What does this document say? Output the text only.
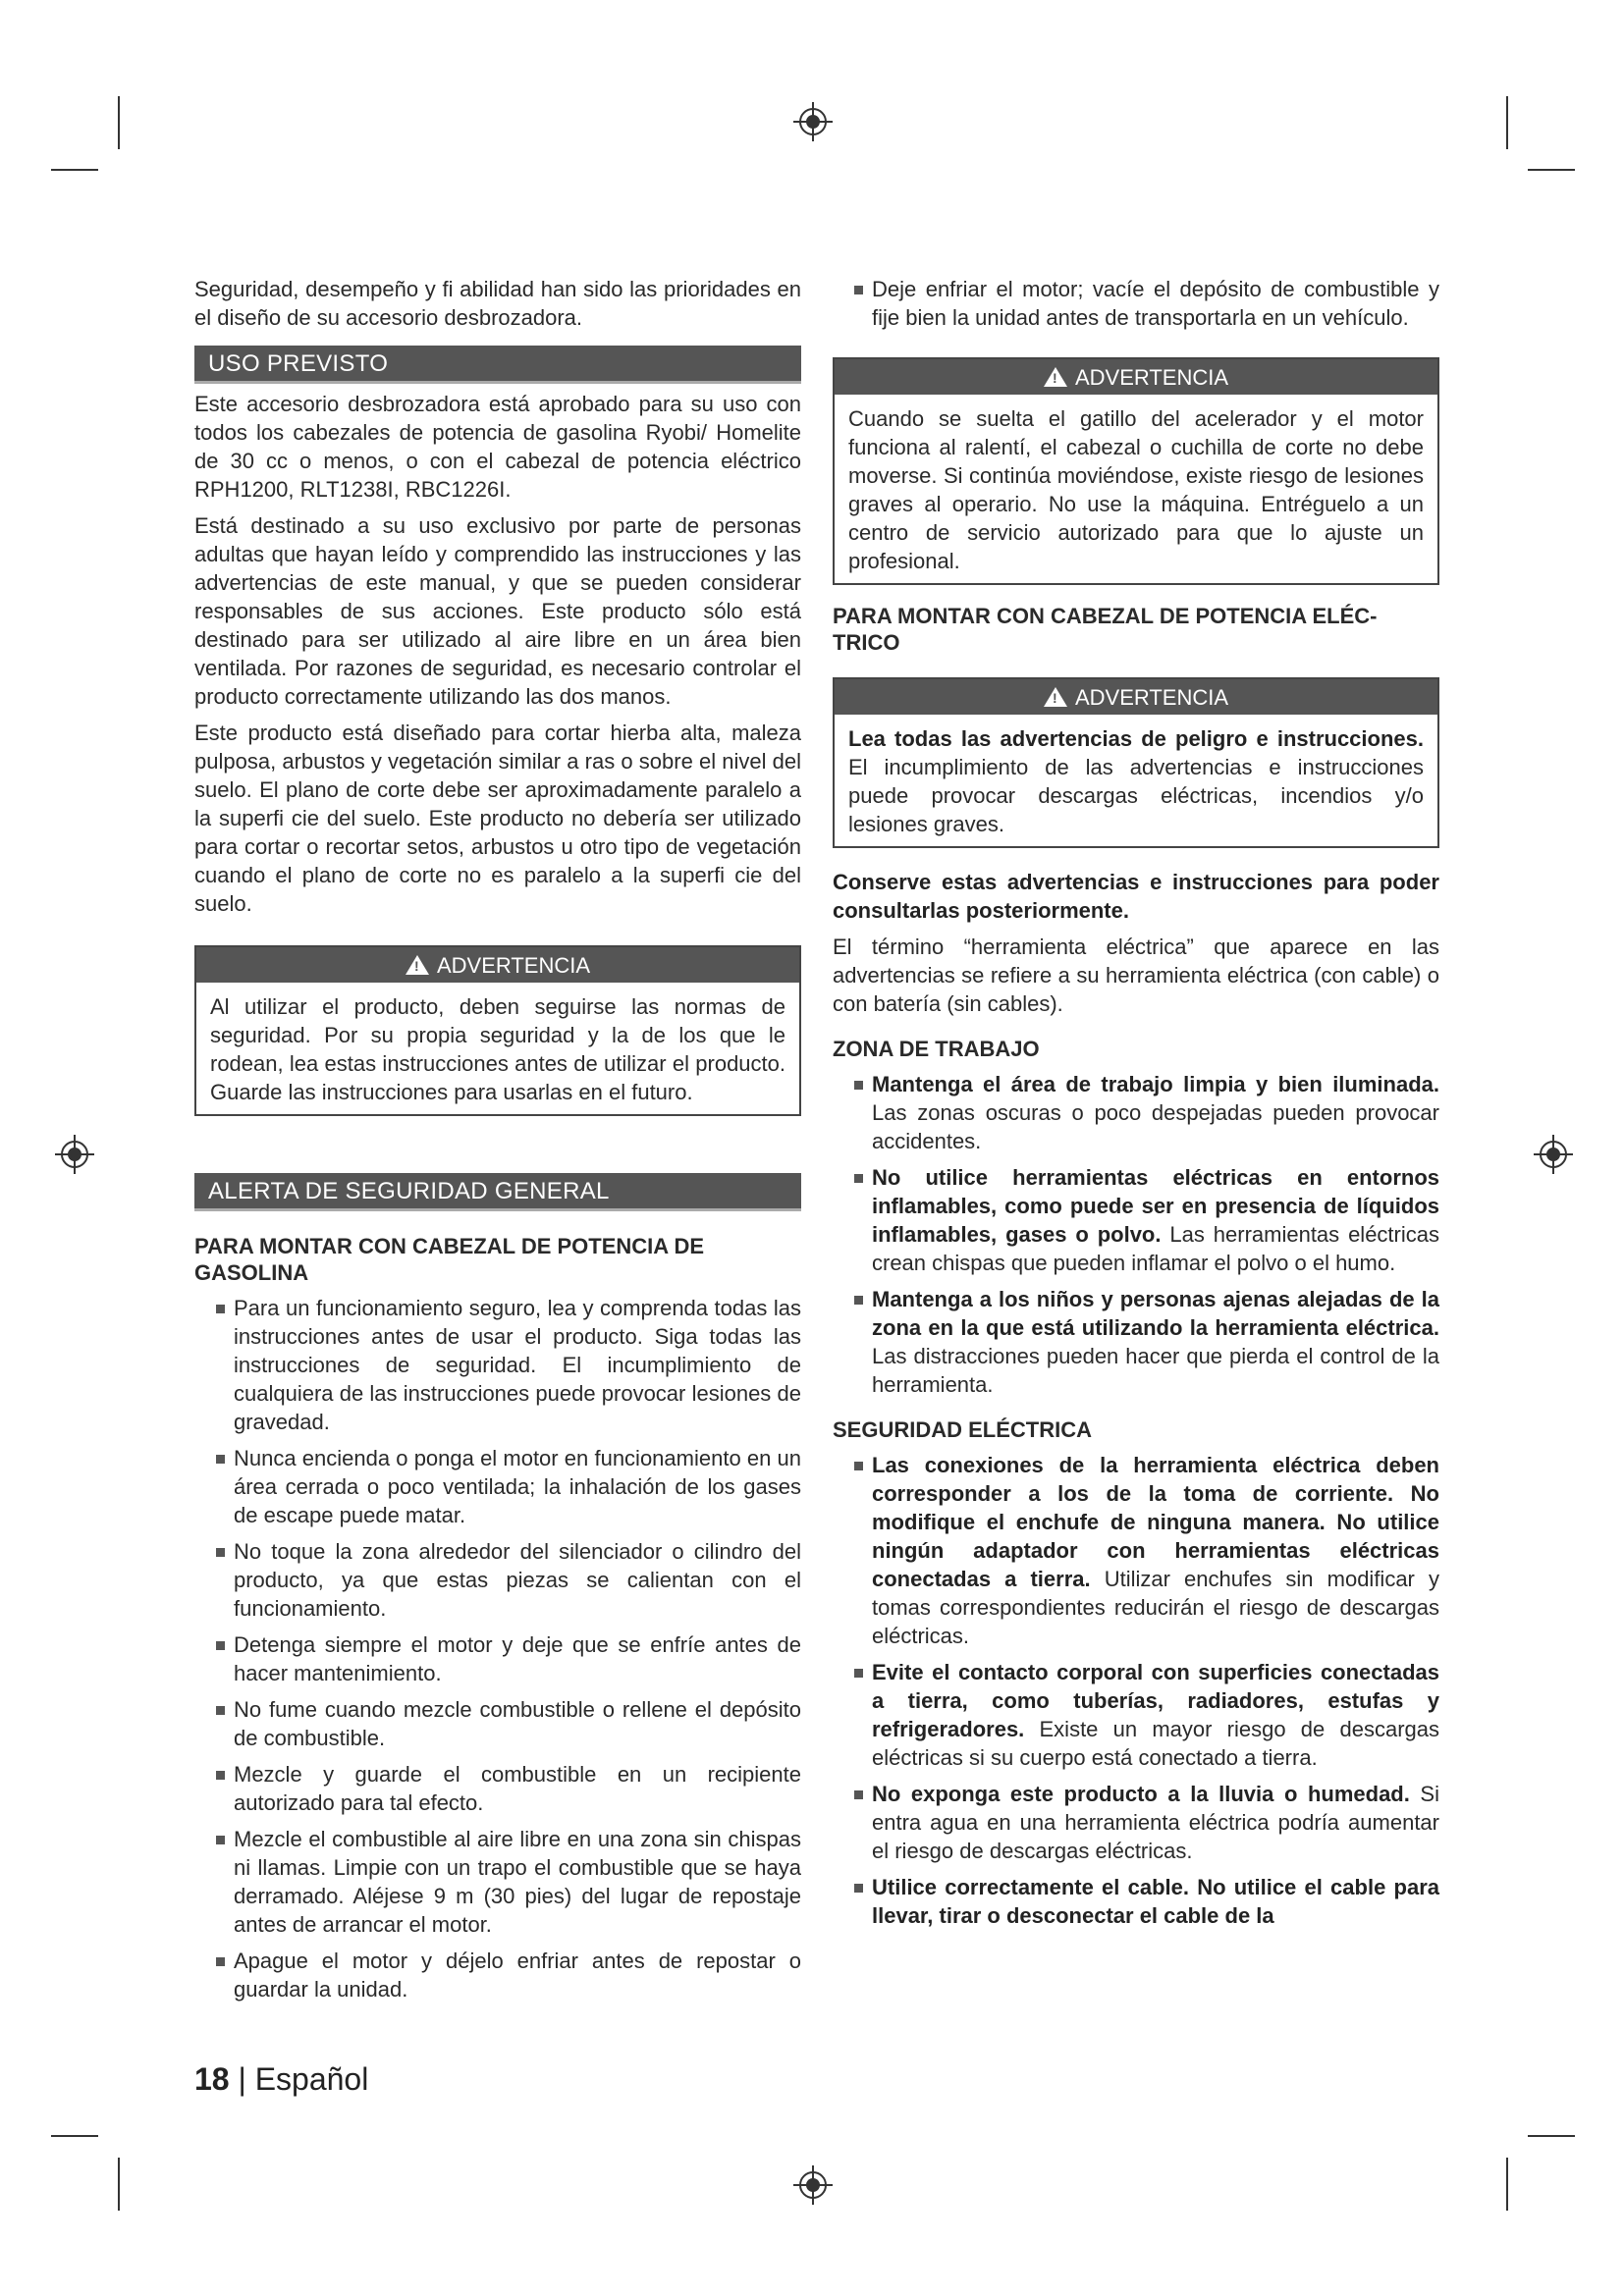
Seguridad, desempeño y fi abilidad han sido las prioridades en el diseño de su accesorio desbrozadora.

USO PREVISTO

Este accesorio desbrozadora está aprobado para su uso con todos los cabezales de potencia de gasolina Ryobi/ Homelite de 30 cc o menos, o con el cabezal de potencia eléctrico RPH1200, RLT1238I, RBC1226I.

Está destinado a su uso exclusivo por parte de personas adultas que hayan leído y comprendido las instrucciones y las advertencias de este manual, y que se pueden considerar responsables de sus acciones. Este producto sólo está destinado para ser utilizado al aire libre en un área bien ventilada. Por razones de seguridad, es necesario controlar el producto correctamente utilizando las dos manos.

Este producto está diseñado para cortar hierba alta, maleza pulposa, arbustos y vegetación similar a ras o sobre el nivel del suelo. El plano de corte debe ser aproximadamente paralelo a la superfi cie del suelo. Este producto no debería ser utilizado para cortar o recortar setos, arbustos u otro tipo de vegetación cuando el plano de corte no es paralelo a la superfi cie del suelo.

!ADVERTENCIA
Al utilizar el producto, deben seguirse las normas de seguridad. Por su propia seguridad y la de los que le rodean, lea estas instrucciones antes de utilizar el producto. Guarde las instrucciones para usarlas en el futuro.
ALERTA DE SEGURIDAD GENERAL
PARA MONTAR CON CABEZAL DE POTENCIA DE GASOLINA
Para un funcionamiento seguro, lea y comprenda todas las instrucciones antes de usar el producto. Siga todas las instrucciones de seguridad. El incumplimiento de cualquiera de las instrucciones puede provocar lesiones de gravedad.
Nunca encienda o ponga el motor en funcionamiento en un área cerrada o poco ventilada; la inhalación de los gases de escape puede matar.
No toque la zona alrededor del silenciador o cilindro del producto, ya que estas piezas se calientan con el funcionamiento.
Detenga siempre el motor y deje que se enfríe antes de hacer mantenimiento.
No fume cuando mezcle combustible o rellene el depósito de combustible.
Mezcle y guarde el combustible en un recipiente autorizado para tal efecto.
Mezcle el combustible al aire libre en una zona sin chispas ni llamas. Limpie con un trapo el combustible que se haya derramado. Aléjese 9 m (30 pies) del lugar de repostaje antes de arrancar el motor.
Apague el motor y déjelo enfriar antes de repostar o guardar la unidad.
Deje enfriar el motor; vacíe el depósito de combustible y fije bien la unidad antes de transportarla en un vehículo.
!ADVERTENCIA
Cuando se suelta el gatillo del acelerador y el motor funciona al ralentí, el cabezal o cuchilla de corte no debe moverse. Si continúa moviéndose, existe riesgo de lesiones graves al operario. No use la máquina. Entréguelo a un centro de servicio autorizado para que lo ajuste un profesional.
PARA MONTAR CON CABEZAL DE POTENCIA ELÉC-TRICO
!ADVERTENCIA
Lea todas las advertencias de peligro e instrucciones. El incumplimiento de las advertencias e instrucciones puede provocar descargas eléctricas, incendios y/o lesiones graves.

Conserve estas advertencias e instrucciones para poder consultarlas posteriormente.

El término “herramienta eléctrica” que aparece en las advertencias se refiere a su herramienta eléctrica (con cable) o con batería (sin cables).

ZONA DE TRABAJO
Mantenga el área de trabajo limpia y bien iluminada. Las zonas oscuras o poco despejadas pueden provocar accidentes.
No utilice herramientas eléctricas en entornos inflamables, como puede ser en presencia de líquidos inflamables, gases o polvo. Las herramientas eléctricas crean chispas que pueden inflamar el polvo o el humo.
Mantenga a los niños y personas ajenas alejadas de la zona en la que está utilizando la herramienta eléctrica. Las distracciones pueden hacer que pierda el control de la herramienta.
SEGURIDAD ELÉCTRICA
Las conexiones de la herramienta eléctrica deben corresponder a los de la toma de corriente. No modifique el enchufe de ninguna manera. No utilice ningún adaptador con herramientas eléctricas conectadas a tierra. Utilizar enchufes sin modificar y tomas correspondientes reducirán el riesgo de descargas eléctricas.
Evite el contacto corporal con superficies conectadas a tierra, como tuberías, radiadores, estufas y refrigeradores. Existe un mayor riesgo de descargas eléctricas si su cuerpo está conectado a tierra.
No exponga este producto a la lluvia o humedad. Si entra agua en una herramienta eléctrica podría aumentar el riesgo de descargas eléctricas.
Utilice correctamente el cable. No utilice el cable para llevar, tirar o desconectar el cable de la
18 | Español
